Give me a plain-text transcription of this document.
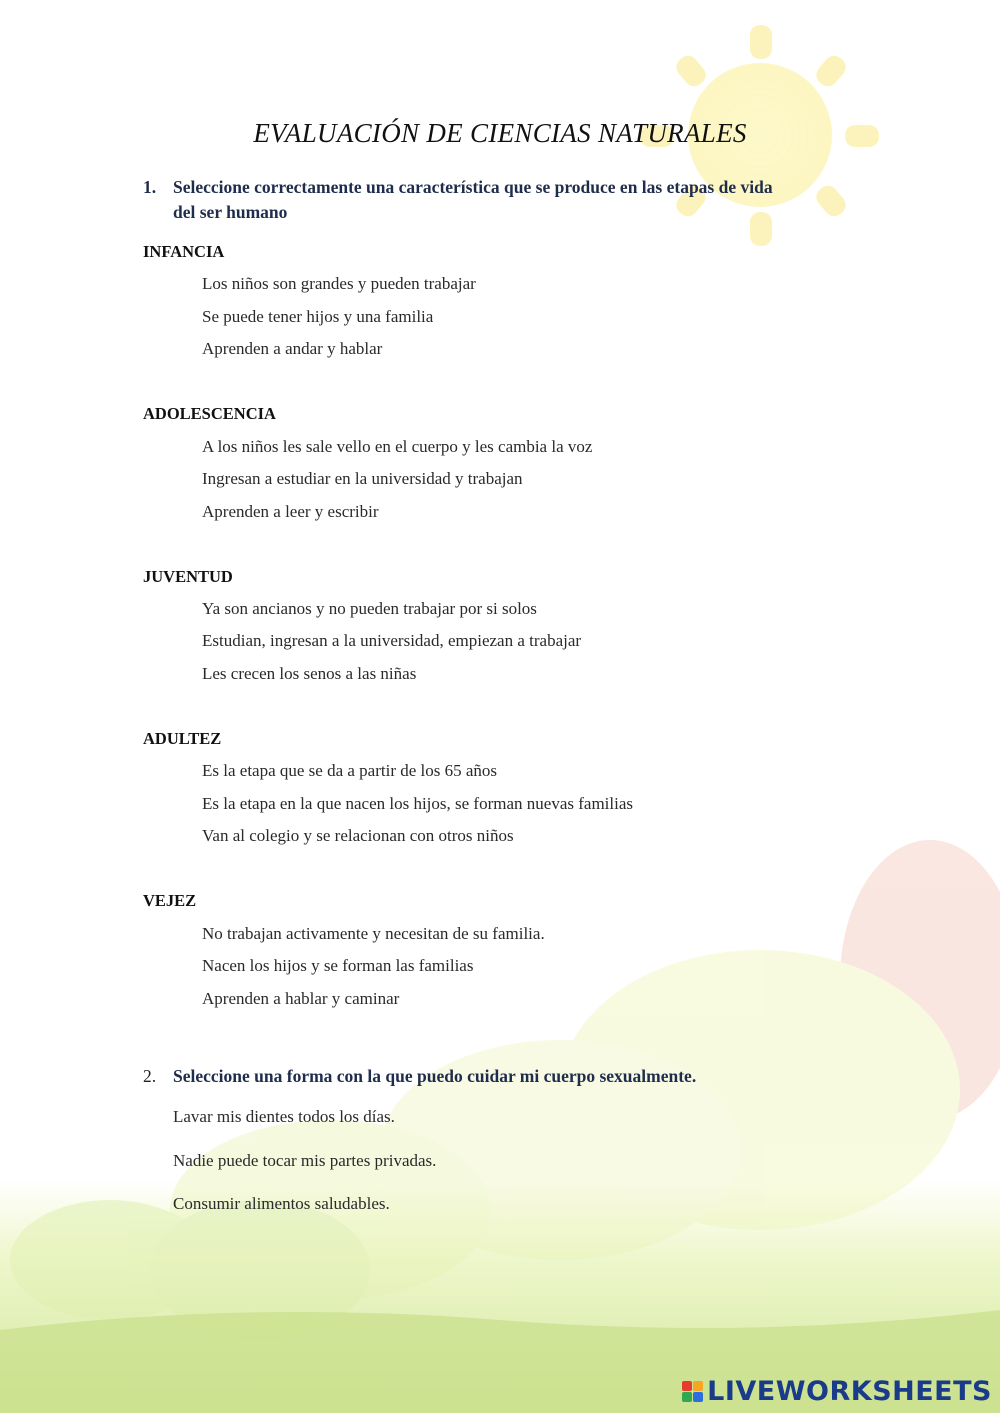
EVALUACIÓN DE CIENCIAS NATURALES
1. Seleccione correctamente una característica que se produce en las etapas de vida
del ser humano
INFANCIA
Los niños son grandes y pueden trabajar
Se puede tener hijos y una familia
Aprenden a andar y hablar
ADOLESCENCIA
A los niños les sale vello en el cuerpo y les cambia la voz
Ingresan a estudiar en la universidad y trabajan
Aprenden a leer y escribir
JUVENTUD
Ya son ancianos y no pueden trabajar por si solos
Estudian, ingresan a la universidad, empiezan a trabajar
Les crecen los senos a las niñas
ADULTEZ
Es la etapa que se da a partir de los 65 años
Es la etapa en la que nacen los hijos, se forman nuevas familias
Van al colegio y se relacionan con otros niños
VEJEZ
No trabajan activamente y necesitan de su familia.
Nacen los hijos y se forman las familias
Aprenden a hablar y caminar
2. Seleccione una forma con la que puedo cuidar mi cuerpo sexualmente.
Lavar mis dientes todos los días.
Nadie puede tocar mis partes privadas.
Consumir alimentos saludables.
LIVEWORKSHEETS
